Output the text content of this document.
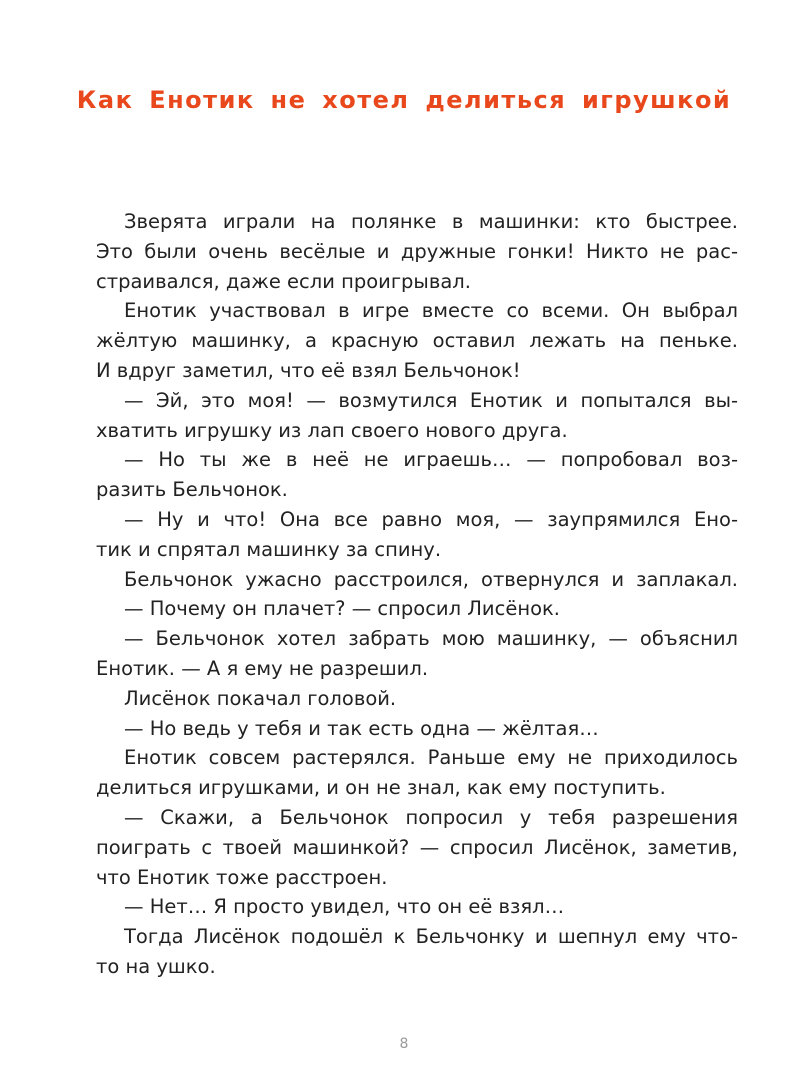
Как Енотик не хотел делиться игрушкой
Зверята играли на полянке в машинки: кто быстрее.
Это были очень весёлые и дружные гонки! Никто не рас-
страивался, даже если проигрывал.
Енотик участвовал в игре вместе со всеми. Он выбрал
жёлтую машинку, а красную оставил лежать на пеньке.
И вдруг заметил, что её взял Бельчонок!
— Эй, это моя! — возмутился Енотик и попытался вы-
хватить игрушку из лап своего нового друга.
— Но ты же в неё не играешь… — попробовал воз-
разить Бельчонок.
— Ну и что! Она все равно моя, — заупрямился Ено-
тик и спрятал машинку за спину.
Бельчонок ужасно расстроился, отвернулся и заплакал.
— Почему он плачет? — спросил Лисёнок.
— Бельчонок хотел забрать мою машинку, — объяснил
Енотик. — А я ему не разрешил.
Лисёнок покачал головой.
— Но ведь у тебя и так есть одна — жёлтая…
Енотик совсем растерялся. Раньше ему не приходилось
делиться игрушками, и он не знал, как ему поступить.
— Скажи, а Бельчонок попросил у тебя разрешения
поиграть с твоей машинкой? — спросил Лисёнок, заметив,
что Енотик тоже расстроен.
— Нет… Я просто увидел, что он её взял…
Тогда Лисёнок подошёл к Бельчонку и шепнул ему что-
то на ушко.
8
